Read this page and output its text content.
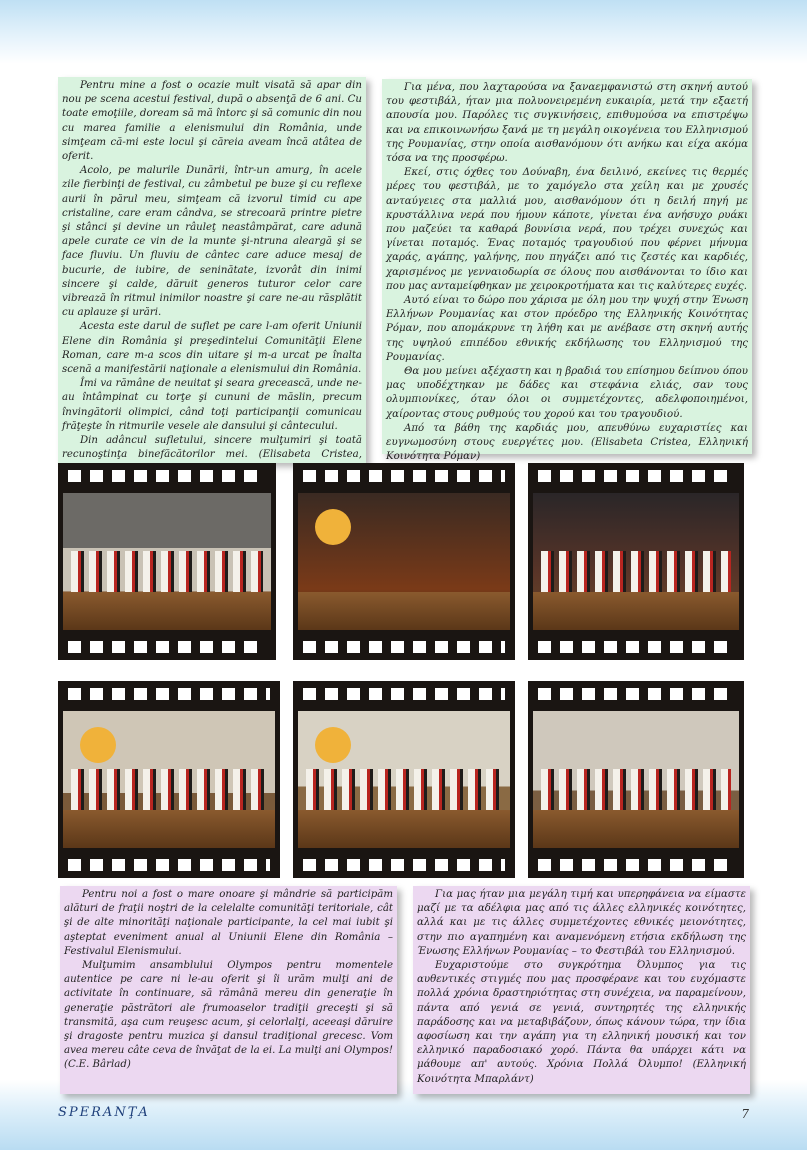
Pentru mine a fost o ocazie mult visată să apar din nou pe scena acestui festival, după o absenţă de 6 ani. Cu toate emoţiile, doream să mă întorc şi să comunic din nou cu marea familie a elenismului din România, unde simţeam că-mi este locul şi căreia aveam încă atâtea de oferit.

Acolo, pe malurile Dunării, într-un amurg, în acele zile fierbinţi de festival, cu zâmbetul pe buze şi cu reflexe aurii în părul meu, simţeam că izvorul timid cu ape cristaline, care eram cândva, se strecoară printre pietre şi stânci şi devine un râuleţ neastâmpărat, care adună apele curate ce vin de la munte şi-ntruna aleargă şi se face fluviu. Un fluviu de cântec care aduce mesaj de bucurie, de iubire, de seninătate, izvorât din inimi sincere şi calde, dăruit generos tuturor celor care vibrează în ritmul inimilor noastre şi care ne-au răsplătit cu aplauze şi urări.

Acesta este darul de suflet pe care l-am oferit Uniunii Elene din România şi preşedintelui Comunităţii Elene Roman, care m-a scos din uitare şi m-a urcat pe înalta scenă a manifestării naţionale a elenismului din România.

Îmi va rămâne de neuitat şi seara grecească, unde ne-au întâmpinat cu torţe şi cununi de măslin, precum învingătorii olimpici, când toţi participanţii comunicau frăţeşte în ritmurile vesele ale dansului şi cântecului.

Din adâncul sufletului, sincere mulţumiri şi toată recunoştinţa binefăcătorilor mei. (Elisabeta Cristea,

Για μένα, που λαχταρούσα να ξαναεμφανιστώ στη σκηνή αυτού του φεστιβάλ, ήταν μια πολυονειρεμένη ευκαιρία, μετά την εξαετή απουσία μου. Παρόλες τις συγκινήσεις, επιθυμούσα να επιστρέψω και να επικοινωνήσω ξανά με τη μεγάλη οικογένεια του Ελληνισμού της Ρουμανίας, στην οποία αισθανόμουν ότι ανήκω και είχα ακόμα τόσα να της προσφέρω.

Εκεί, στις όχθες του Δούναβη, ένα δειλινό, εκείνες τις θερμές μέρες του φεστιβάλ, με το χαμόγελο στα χείλη και με χρυσές ανταύγειες στα μαλλιά μου, αισθανόμουν ότι η δειλή πηγή με κρυστάλλινα νερά που ήμουν κάποτε, γίνεται ένα ανήσυχο ρυάκι που μαζεύει τα καθαρά βουνίσια νερά, που τρέχει συνεχώς και γίνεται ποταμός. Ένας ποταμός τραγουδιού που φέρνει μήνυμα χαράς, αγάπης, γαλήνης, που πηγάζει από τις ζεστές και καρδιές, χαρισμένος με γενναιοδωρία σε όλους που αισθάνονται το ίδιο και που μας ανταμείφθηκαν με χειροκροτήματα και τις καλύτερες ευχές.

Αυτό είναι το δώρο που χάρισα με όλη μου την ψυχή στην Ένωση Ελλήνων Ρουμανίας και στον πρόεδρο της Ελληνικής Κοινότητας Ρόμαν, που απομάκρυνε τη λήθη και με ανέβασε στη σκηνή αυτής της υψηλού επιπέδου εθνικής εκδήλωσης του Ελληνισμού της Ρουμανίας.

Θα μου μείνει αξέχαστη και η βραδιά του επίσημου δείπνου όπου μας υποδέχτηκαν με δάδες και στεφάνια ελιάς, σαν τους ολυμπιονίκες, όταν όλοι οι συμμετέχοντες, αδελφοποιημένοι, χαίροντας στους ρυθμούς του χορού και του τραγουδιού.

Από τα βάθη της καρδιάς μου, απευθύνω ευχαριστίες και ευγνωμοσύνη στους ευεργέτες μου. (Elisabeta Cristea, Ελληνική Κοινότητα Ρόμαν)

Pentru noi a fost o mare onoare şi mândrie să participăm alături de fraţii noştri de la celelalte comunităţi teritoriale, cât şi de alte minorităţi naţionale participante, la cel mai iubit şi aşteptat eveniment anual al Uniunii Elene din România – Festivalul Elenismului.

Mulţumim ansamblului Olympos pentru momentele autentice pe care ni le-au oferit şi îi urăm mulţi ani de activitate în continuare, să rămână mereu din generaţie în generaţie păstrători ale frumoaselor tradiţii greceşti şi să transmită, aşa cum reuşesc acum, şi celorlalţi, aceeaşi dăruire şi dragoste pentru muzica şi dansul tradiţional grecesc. Vom avea mereu câte ceva de învăţat de la ei. La mulţi ani Olympos! (C.E. Bârlad)

Για μας ήταν μια μεγάλη τιμή και υπερηφάνεια να είμαστε μαζί με τα αδέλφια μας από τις άλλες ελληνικές κοινότητες, αλλά και με τις άλλες συμμετέχοντες εθνικές μειονότητες, στην πιο αγαπημένη και αναμενόμενη ετήσια εκδήλωση της Ένωσης Ελλήνων Ρουμανίας – το Φεστιβάλ του Ελληνισμού.

Ευχαριστούμε στο συγκρότημα Όλυμπος για τις αυθεντικές στιγμές που μας προσφέρανε και του ευχόμαστε πολλά χρόνια δραστηριότητας στη συνέχεια, να παραμείνουν, πάντα από γενιά σε γενιά, συντηρητές της ελληνικής παράδοσης και να μεταβιβάζουν, όπως κάνουν τώρα, την ίδια αφοσίωση και την αγάπη για τη ελληνική μουσική και τον ελληνικό παραδοσιακό χορό. Πάντα θα υπάρχει κάτι να μάθουμε απ' αυτούς. Χρόνια Πολλά Όλυμπο! (Ελληνική Κοινότητα Μπαρλάντ)

SPERANŢA	7
